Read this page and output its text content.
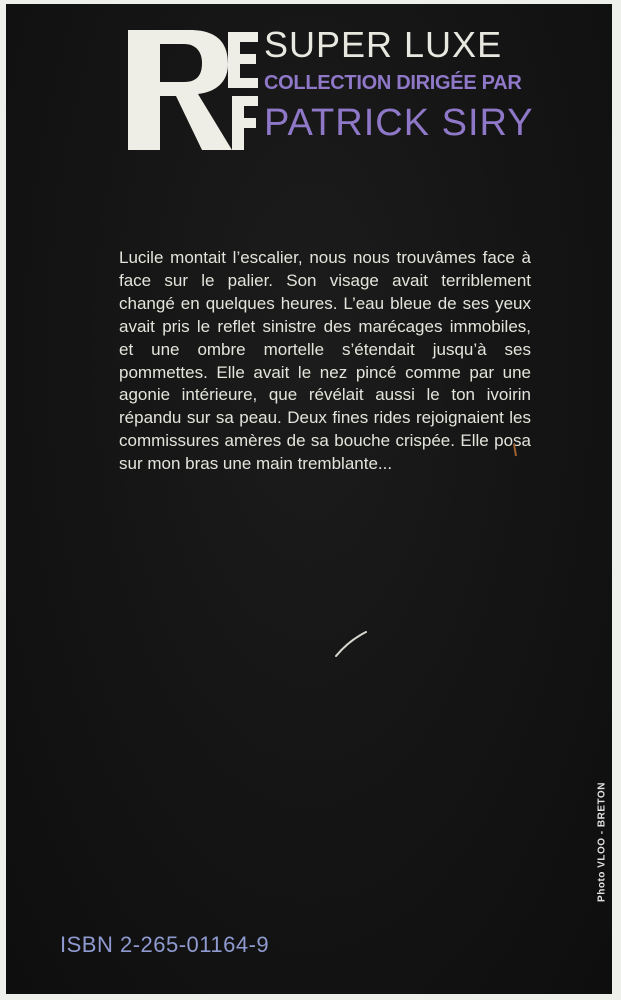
SUPER LUXE
COLLECTION DIRIGÉE PAR
PATRICK SIRY

Lucile montait l’escalier, nous nous trouvâmes face à face sur le palier. Son visage avait terriblement changé en quelques heures. L’eau bleue de ses yeux avait pris le reflet sinistre des marécages immobiles, et une ombre mortelle s’étendait jusqu’à ses pommettes. Elle avait le nez pincé comme par une agonie intérieure, que révélait aussi le ton ivoirin répandu sur sa peau. Deux fines rides rejoignaient les commissures amères de sa bouche crispée. Elle posa sur mon bras une main tremblante...

ISBN 2-265-01164-9
Photo VLOO - BRETON
